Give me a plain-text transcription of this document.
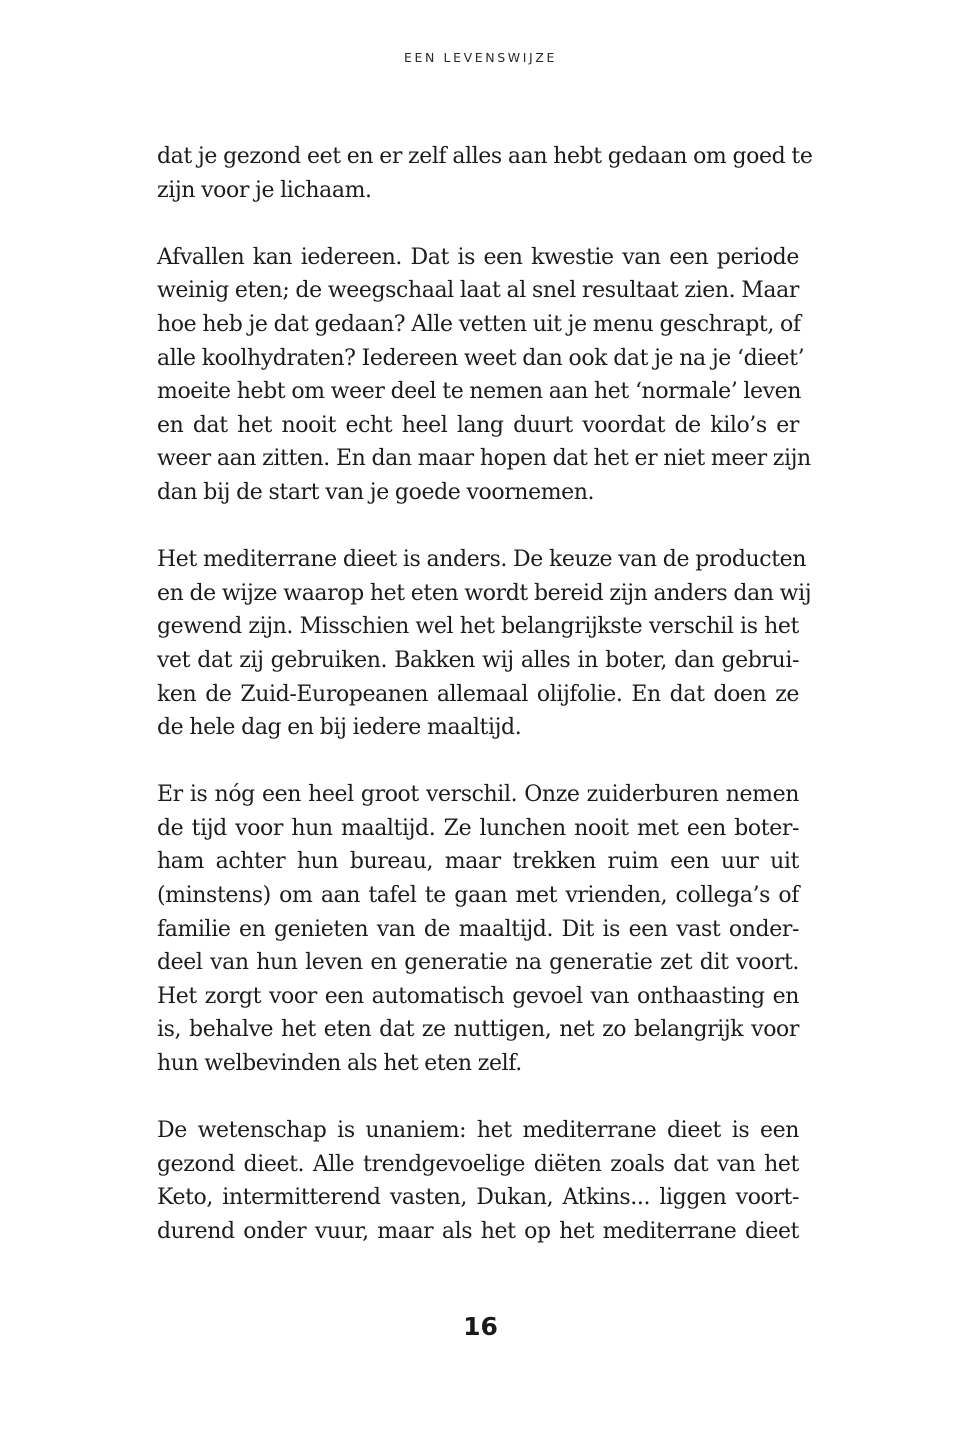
EEN LEVENSWIJZE
dat je gezond eet en er zelf alles aan hebt gedaan om goed te
zijn voor je lichaam.
Afvallen kan iedereen. Dat is een kwestie van een periode
weinig eten; de weegschaal laat al snel resultaat zien. Maar
hoe heb je dat gedaan? Alle vetten uit je menu geschrapt, of
alle koolhydraten? Iedereen weet dan ook dat je na je ‘dieet’
moeite hebt om weer deel te nemen aan het ‘normale’ leven
en dat het nooit echt heel lang duurt voordat de kilo’s er
weer aan zitten. En dan maar hopen dat het er niet meer zijn
dan bij de start van je goede voornemen.
Het mediterrane dieet is anders. De keuze van de producten
en de wijze waarop het eten wordt bereid zijn anders dan wij
gewend zijn. Misschien wel het belangrijkste verschil is het
vet dat zij gebruiken. Bakken wij alles in boter, dan gebrui-
ken de Zuid-Europeanen allemaal olijfolie. En dat doen ze
de hele dag en bij iedere maaltijd.
Er is nóg een heel groot verschil. Onze zuiderburen nemen
de tijd voor hun maaltijd. Ze lunchen nooit met een boter-
ham achter hun bureau, maar trekken ruim een uur uit
(minstens) om aan tafel te gaan met vrienden, collega’s of
familie en genieten van de maaltijd. Dit is een vast onder-
deel van hun leven en generatie na generatie zet dit voort.
Het zorgt voor een automatisch gevoel van onthaasting en
is, behalve het eten dat ze nuttigen, net zo belangrijk voor
hun welbevinden als het eten zelf.
De wetenschap is unaniem: het mediterrane dieet is een
gezond dieet. Alle trendgevoelige diëten zoals dat van het
Keto, intermitterend vasten, Dukan, Atkins... liggen voort-
durend onder vuur, maar als het op het mediterrane dieet
16
